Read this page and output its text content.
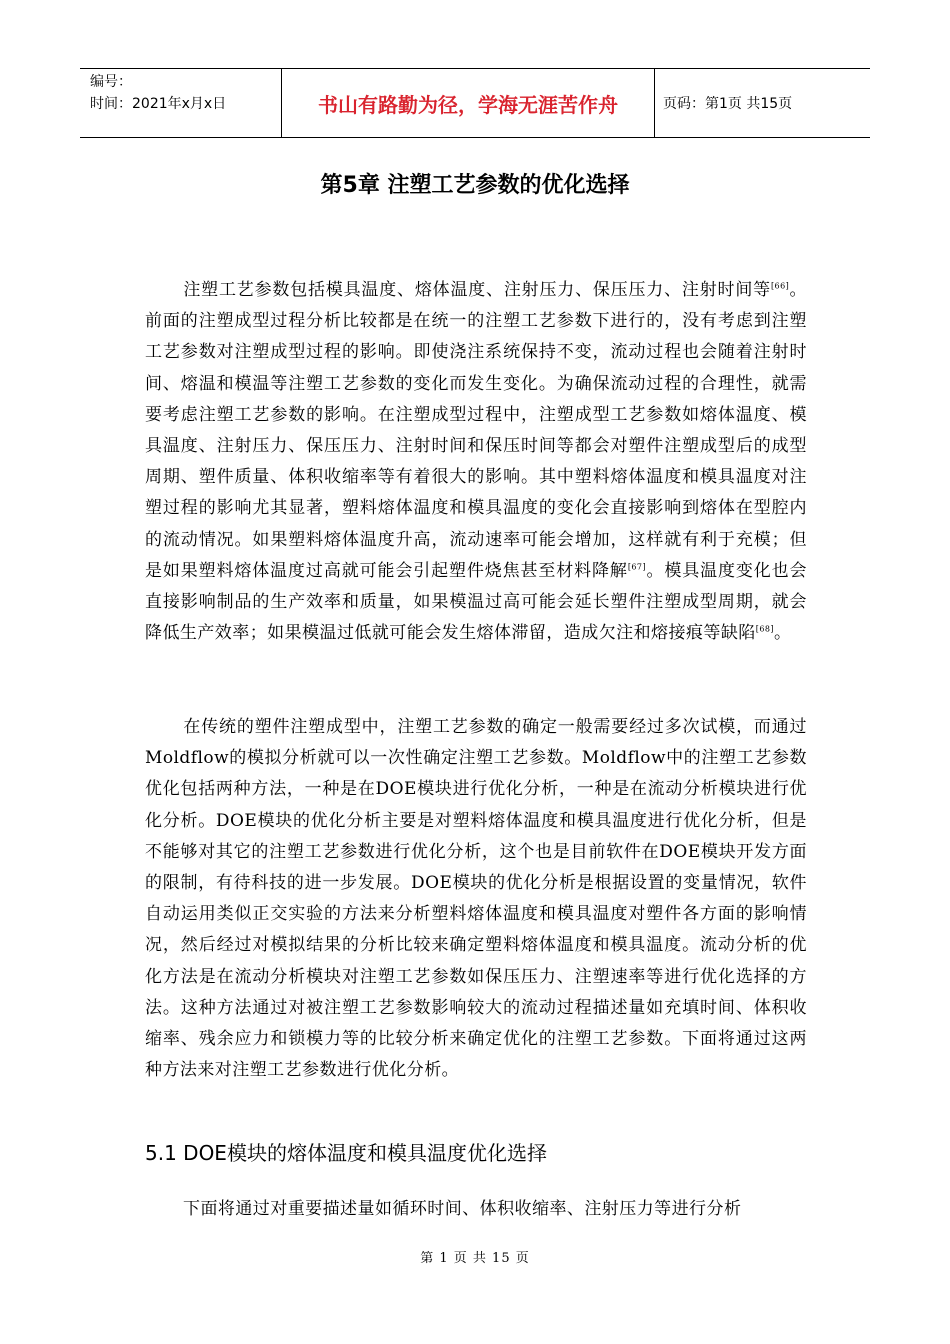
编号：
时间：2021年x月x日	书山有路勤为径，学海无涯苦作舟	页码：第1页 共15页
第5章 注塑工艺参数的优化选择

注塑工艺参数包括模具温度、熔体温度、注射压力、保压压力、注射时间等[66]。前面的注塑成型过程分析比较都是在统一的注塑工艺参数下进行的，没有考虑到注塑工艺参数对注塑成型过程的影响。即使浇注系统保持不变，流动过程也会随着注射时间、熔温和模温等注塑工艺参数的变化而发生变化。为确保流动过程的合理性，就需要考虑注塑工艺参数的影响。在注塑成型过程中，注塑成型工艺参数如熔体温度、模具温度、注射压力、保压压力、注射时间和保压时间等都会对塑件注塑成型后的成型周期、塑件质量、体积收缩率等有着很大的影响。其中塑料熔体温度和模具温度对注塑过程的影响尤其显著，塑料熔体温度和模具温度的变化会直接影响到熔体在型腔内的流动情况。如果塑料熔体温度升高，流动速率可能会增加，这样就有利于充模；但是如果塑料熔体温度过高就可能会引起塑件烧焦甚至材料降解[67]。模具温度变化也会直接影响制品的生产效率和质量，如果模温过高可能会延长塑件注塑成型周期，就会降低生产效率；如果模温过低就可能会发生熔体滞留，造成欠注和熔接痕等缺陷[68]。

在传统的塑件注塑成型中，注塑工艺参数的确定一般需要经过多次试模，而通过Moldflow的模拟分析就可以一次性确定注塑工艺参数。Moldflow中的注塑工艺参数优化包括两种方法，一种是在DOE模块进行优化分析，一种是在流动分析模块进行优化分析。DOE模块的优化分析主要是对塑料熔体温度和模具温度进行优化分析，但是不能够对其它的注塑工艺参数进行优化分析，这个也是目前软件在DOE模块开发方面的限制，有待科技的进一步发展。DOE模块的优化分析是根据设置的变量情况，软件自动运用类似正交实验的方法来分析塑料熔体温度和模具温度对塑件各方面的影响情况，然后经过对模拟结果的分析比较来确定塑料熔体温度和模具温度。流动分析的优化方法是在流动分析模块对注塑工艺参数如保压压力、注塑速率等进行优化选择的方法。这种方法通过对被注塑工艺参数影响较大的流动过程描述量如充填时间、体积收缩率、残余应力和锁模力等的比较分析来确定优化的注塑工艺参数。下面将通过这两种方法来对注塑工艺参数进行优化分析。

5.1 DOE模块的熔体温度和模具温度优化选择

下面将通过对重要描述量如循环时间、体积收缩率、注射压力等进行分析

第 1 页 共 15 页
